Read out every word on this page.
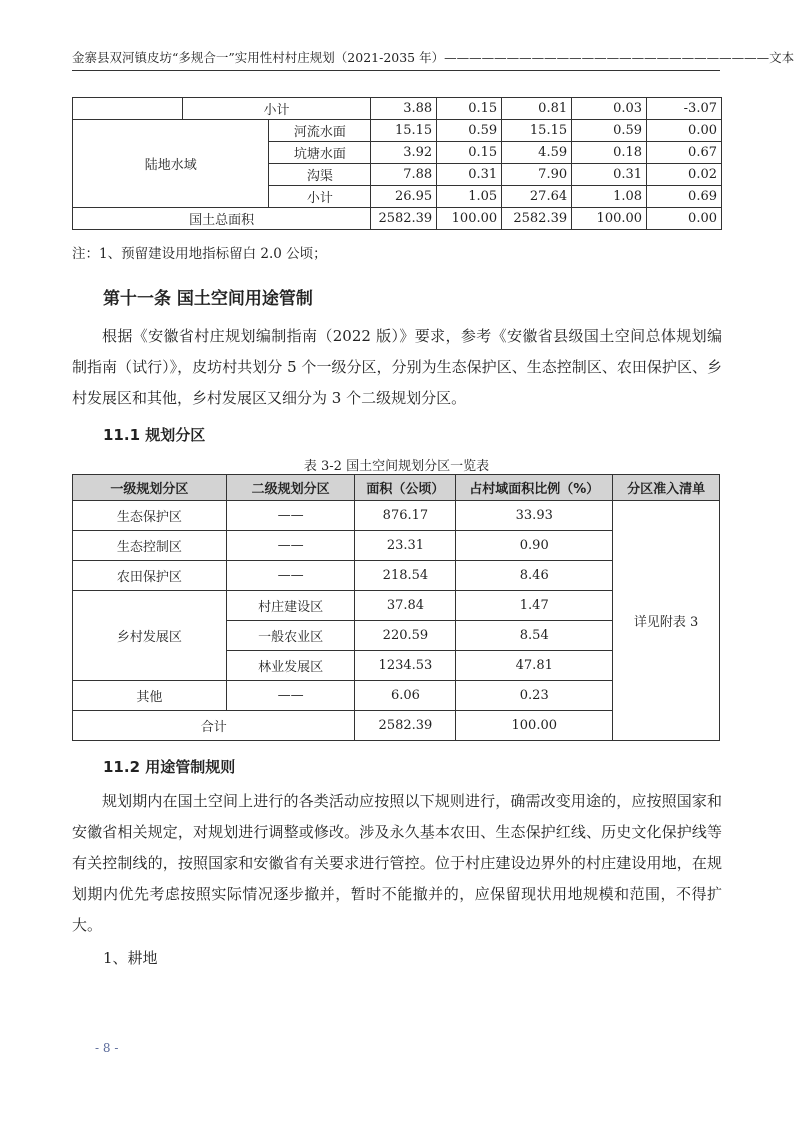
金寨县双河镇皮坊“多规合一”实用性村村庄规划（2021-2035 年）——————————————————————————文本
	小计		3.88	0.15	0.81	0.03	-3.07
陆地水域		河流水面	15.15	0.59	15.15	0.59	0.00
		坑塘水面	3.92	0.15	4.59	0.18	0.67
		沟渠	7.88	0.31	7.90	0.31	0.02
		小计	26.95	1.05	27.64	1.08	0.69
国土总面积			2582.39	100.00	2582.39	100.00	0.00
注：1、预留建设用地指标留白 2.0 公顷；
第十一条 国土空间用途管制

根据《安徽省村庄规划编制指南（2022 版）》要求，参考《安徽省县级国土空间总体规划编制指南（试行）》，皮坊村共划分 5 个一级分区，分别为生态保护区、生态控制区、农田保护区、乡村发展区和其他，乡村发展区又细分为 3 个二级规划分区。

11.1 规划分区
表 3-2 国土空间规划分区一览表
一级规划分区	二级规划分区	面积（公顷）	占村域面积比例（%）	分区准入清单
生态保护区	——	876.17	33.93	详见附表 3
生态控制区	——	23.31	0.90	
农田保护区	——	218.54	8.46	
乡村发展区	村庄建设区	37.84	1.47	
	一般农业区	220.59	8.54	
	林业发展区	1234.53	47.81	
其他	——	6.06	0.23	
合计		2582.39	100.00	
11.2 用途管制规则

规划期内在国土空间上进行的各类活动应按照以下规则进行，确需改变用途的，应按照国家和安徽省相关规定，对规划进行调整或修改。涉及永久基本农田、生态保护红线、历史文化保护线等有关控制线的，按照国家和安徽省有关要求进行管控。位于村庄建设边界外的村庄建设用地，在规划期内优先考虑按照实际情况逐步撤并，暂时不能撤并的，应保留现状用地规模和范围，不得扩大。

1、耕地
- 8 -
